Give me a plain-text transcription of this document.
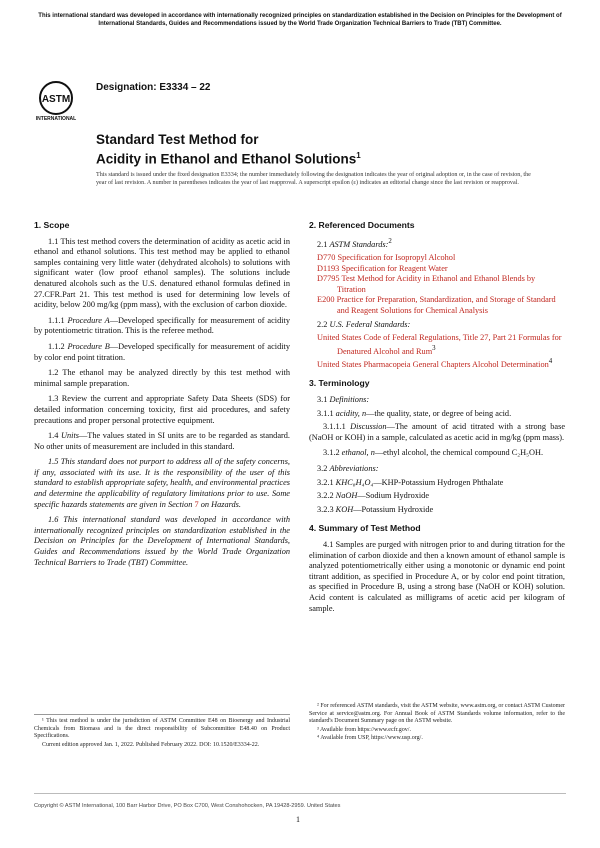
This international standard was developed in accordance with internationally recognized principles on standardization established in the Decision on Principles for the Development of International Standards, Guides and Recommendations issued by the World Trade Organization Technical Barriers to Trade (TBT) Committee.
ASTM
INTERNATIONAL
Designation: E3334 – 22
Standard Test Method for
Acidity in Ethanol and Ethanol Solutions$^1$
This standard is issued under the fixed designation E3334; the number immediately following the designation indicates the year of original adoption or, in the case of revision, the year of last revision. A number in parentheses indicates the year of last reapproval. A superscript epsilon (ε) indicates an editorial change since the last revision or reapproval.
1. Scope

1.1 This test method covers the determination of acidity as acetic acid in ethanol and ethanol solutions. This test method may be applied to ethanol samples containing very little water (dehydrated alcohols) to solutions with significant water (low proof ethanol samples). The solutions include denatured alcohols such as the U.S. denatured ethanol formulas defined in 27.CFR.Part 21. This test method is used for determining low levels of acidity, below 200 mg/kg (ppm mass), with the exclusion of carbon dioxide.

1.1.1 Procedure A—Developed specifically for measurement of acidity by potentiometric titration. This is the referee method.

1.1.2 Procedure B—Developed specifically for measurement of acidity by color end point titration.

1.2 The ethanol may be analyzed directly by this test method with minimal sample preparation.

1.3 Review the current and appropriate Safety Data Sheets (SDS) for detailed information concerning toxicity, first aid procedures, and safety precautions and proper personal protective equipment.

1.4 Units—The values stated in SI units are to be regarded as standard. No other units of measurement are included in this standard.

1.5 This standard does not purport to address all of the safety concerns, if any, associated with its use. It is the responsibility of the user of this standard to establish appropriate safety, health, and environmental practices and determine the applicability of regulatory limitations prior to use. Some specific hazards statements are given in Section 7 on Hazards.

1.6 This international standard was developed in accordance with internationally recognized principles on standardization established in the Decision on Principles for the Development of International Standards, Guides and Recommendations issued by the World Trade Organization Technical Barriers to Trade (TBT) Committee.

2. Referenced Documents

2.1 ASTM Standards:$^2$

D770 Specification for Isopropyl Alcohol

D1193 Specification for Reagent Water

D7795 Test Method for Acidity in Ethanol and Ethanol Blends by Titration

E200 Practice for Preparation, Standardization, and Storage of Standard and Reagent Solutions for Chemical Analysis

2.2 U.S. Federal Standards:

United States Code of Federal Regulations, Title 27, Part 21 Formulas for Denatured Alcohol and Rum$^3$

United States Pharmacopeia General Chapters Alcohol Determination$^4$

3. Terminology

3.1 Definitions:

3.1.1 acidity, n—the quality, state, or degree of being acid.

3.1.1.1 Discussion—The amount of acid titrated with a strong base (NaOH or KOH) in a sample, calculated as acetic acid in mg/kg (ppm mass).

3.1.2 ethanol, n—ethyl alcohol, the chemical compound C₂H₅OH.

3.2 Abbreviations:

3.2.1 KHC₈H₄O₄—KHP-Potassium Hydrogen Phthalate

3.2.2 NaOH—Sodium Hydroxide

3.2.3 KOH—Potassium Hydroxide

4. Summary of Test Method

4.1 Samples are purged with nitrogen prior to and during titration for the elimination of carbon dioxide and then a known amount of ethanol sample is analyzed potentiometrically either using a monotonic or dynamic end point titrant addition, as specified in Procedure A, or by color end point titration, as specified in Procedure B, using a strong base (NaOH or KOH) solution. Acid content is calculated as milligrams of acetic acid per kilogram of sample.

¹ This test method is under the jurisdiction of ASTM Committee E48 on Bioenergy and Industrial Chemicals from Biomass and is the direct responsibility of Subcommittee E48.40 on Product Specifications.

Current edition approved Jan. 1, 2022. Published February 2022. DOI: 10.1520/E3334-22.

² For referenced ASTM standards, visit the ASTM website, www.astm.org, or contact ASTM Customer Service at service@astm.org. For Annual Book of ASTM Standards volume information, refer to the standard's Document Summary page on the ASTM website.

³ Available from https://www.ecfr.gov/.

⁴ Available from USP, https://www.usp.org/.

Copyright © ASTM International, 100 Barr Harbor Drive, PO Box C700, West Conshohocken, PA 19428-2959. United States
1
